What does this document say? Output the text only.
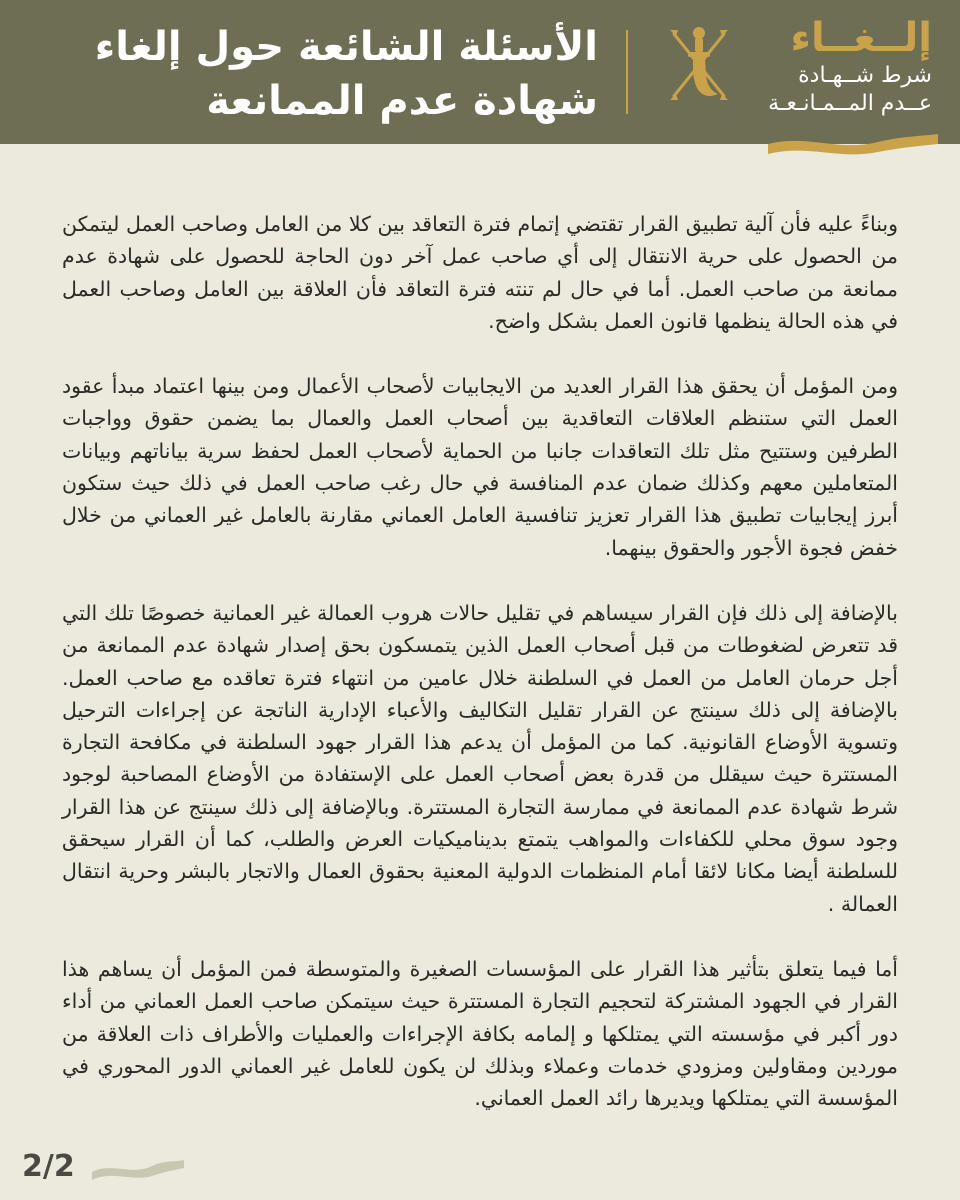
الأسئلة الشائعة حول إلغاء
شهادة عدم الممانعة
إلــغــاء
شرط شــهـادة
عــدم المــمـانـعـة

وبناءً عليه فأن آلية تطبيق القرار تقتضي إتمام فترة التعاقد بين كلا من العامل وصاحب العمل ليتمكن من الحصول على حرية الانتقال إلى أي صاحب عمل آخر دون الحاجة للحصول على شهادة عدم ممانعة من صاحب العمل. أما في حال لم تنته فترة التعاقد فأن العلاقة بين العامل وصاحب العمل في هذه الحالة ينظمها قانون العمل بشكل واضح.

ومن المؤمل أن يحقق هذا القرار العديد من الايجابيات لأصحاب الأعمال ومن بينها اعتماد مبدأ عقود العمل التي ستنظم العلاقات التعاقدية بين أصحاب العمل والعمال بما يضمن حقوق وواجبات الطرفين وستتيح مثل تلك التعاقدات جانبا من الحماية لأصحاب العمل لحفظ سرية بياناتهم وبيانات المتعاملين معهم وكذلك ضمان عدم المنافسة في حال رغب صاحب العمل في ذلك حيث ستكون أبرز إيجابيات تطبيق هذا القرار تعزيز تنافسية العامل العماني مقارنة بالعامل غير العماني من خلال خفض فجوة الأجور والحقوق بينهما.

بالإضافة إلى ذلك فإن القرار سيساهم في تقليل حالات هروب العمالة غير العمانية خصوصًا تلك التي قد تتعرض لضغوطات من قبل أصحاب العمل الذين يتمسكون بحق إصدار شهادة عدم الممانعة من أجل حرمان العامل من العمل في السلطنة خلال عامين من انتهاء فترة تعاقده مع صاحب العمل. بالإضافة إلى ذلك سينتج عن القرار تقليل التكاليف والأعباء الإدارية الناتجة عن إجراءات الترحيل وتسوية الأوضاع القانونية. كما من المؤمل أن يدعم هذا القرار جهود السلطنة في مكافحة التجارة المستترة حيث سيقلل من قدرة بعض أصحاب العمل على الإستفادة من الأوضاع المصاحبة لوجود شرط شهادة عدم الممانعة في ممارسة التجارة المستترة. وبالإضافة إلى ذلك سينتج عن هذا القرار وجود سوق محلي للكفاءات والمواهب يتمتع بديناميكيات العرض والطلب، كما أن القرار سيحقق للسلطنة أيضا مكانا لائقا أمام المنظمات الدولية المعنية بحقوق العمال والاتجار بالبشر وحرية انتقال العمالة .

أما فيما يتعلق بتأثير هذا القرار على المؤسسات الصغيرة والمتوسطة فمن المؤمل أن يساهم هذا القرار في الجهود المشتركة لتحجيم التجارة المستترة حيث سيتمكن صاحب العمل العماني من أداء دور أكبر في مؤسسته التي يمتلكها و إلمامه بكافة الإجراءات والعمليات والأطراف ذات العلاقة من موردين ومقاولين ومزودي خدمات وعملاء وبذلك لن يكون للعامل غير العماني الدور المحوري في المؤسسة التي يمتلكها ويديرها رائد العمل العماني.

2/2
